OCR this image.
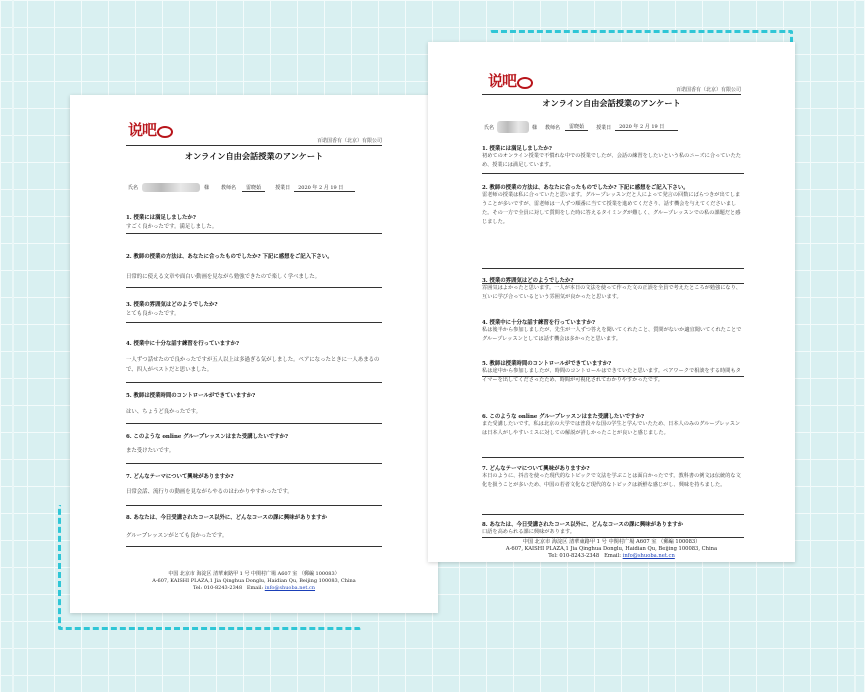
说吧
百诺国香有（北京）有限公司
オンライン自由会話授業のアンケート
氏名	様 教师名	雷晓茹	授業日	2020 年 2 月 19 日
1. 授業には満足しましたか?
すごく良かったです。満足しました。
2. 教師の授業の方法は、あなたに合ったものでしたか? 下記に感想をご記入下さい。
日常的に使える文章や面白い動画を見ながら勉強できたので楽しく学べました。
3. 授業の雰囲気はどのようでしたか?
とても良かったです。
4. 授業中に十分な話す練習を行っていますか?
一人ずつ話せたので良かったですが五人以上は多過ぎる気がしました。ペアになったときに一人あまるので、四人がベストだと思いました。
5. 教師は授業時間のコントロールができていますか?
はい、ちょうど良かったです。
6. このような online グループレッスンはまた受講したいですか?
また受けたいです。
7. どんなテーマについて興味がありますか?
日常会話、流行りの動画を見ながらやるのはわかりやすかったです。
8. あなたは、今日受講されたコース以外に、どんなコースの課に興味がありますか
グループレッスンがとても良かったです。
中国 北京市 海淀区 清華東路甲 1 号 中関村广場 A607 室 （郵編 100083）
A-607, KAISHI PLAZA,1 Jia Qinghua Donglu, Haidian Qu, Beijing 100083, China
Tel: 010-8243-2348   Email: info@shuoba.net.cn
说吧	百诺国香有（北京）有限公司
オンライン自由会話授業のアンケート
氏名	様 教师名	雷晓茹	授業日	2020 年 2 月 19 日
1. 授業には満足しましたか?
初めてのオンライン授業で不慣れな中での授業でしたが、会話の練習をしたいという私のニーズに合っていたため、授業には満足しています。
2. 教師の授業の方法は、あなたに合ったものでしたか? 下記に感想をご記入下さい。
雷老师の授業は私に合っていたと思います。グループレッスンだと人によって発言の回数にばらつきが出てしまうことが多いですが、雷老师は一人ずつ順番に当てて授業を進めてくださり、話す機会を与えてくださいました。その一方で全員に対して質問をした時に答えるタイミングが難しく、グループレッスンでの私の課題だと感じました。
3. 授業の雰囲気はどのようでしたか?
雰囲気はよかったと思います。一人が本日の文法を使って作った文の正誤を全員で考えたところが勉強になり、互いに学び合っているという雰囲気が良かったと思います。
4. 授業中に十分な話す練習を行っていますか?
私は後半から参加しましたが、先生が一人ずつ答えを聞いてくれたこと、質問がないか適宜聞いてくれたことでグループレッスンとしては話す機会は多かったと思います。
5. 教師は授業時間のコントロールができていますか?
私は途中から参加しましたが、時間のコントロールはできていたと思います。ペアワークで相談をする時間もタイマーを出してくださったため、時間が可視化されてわかりやすかったです。
6. このような online グループレッスンはまた受講したいですか?
また受講したいです。私は北京の大学では普段々な国の学生と学んでいたため、日本人のみのグループレッスンは日本人がしやすいミスに対しての解説が詳しかったことが良いと感じました。
7. どんなテーマについて興味がありますか?
本日のように、抖音を使った現代的なトピックで文法を学ぶことは面白かったです。教科書の例文は伝統的な文化を扱うことが多いため、中国の若者文化など現代的なトピックは新鮮な感じがし、興味を持ちました。
8. あなたは、今日受講されたコース以外に、どんなコースの課に興味がありますか
口語を高められる課に興味があります。
中国 北京市 海淀区 清華東路甲 1 号 中関村广場 A607 室 （郵編 100083）
A-607, KAISHI PLAZA,1 Jia Qinghua Donglu, Haidian Qu, Beijing 100083, China
Tel: 010-8243-2348   Email: info@shuoba.net.cn
